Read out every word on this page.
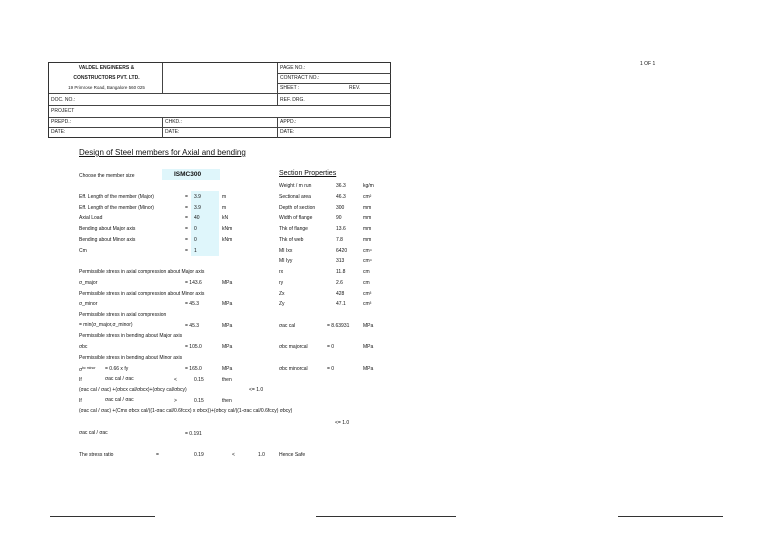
1 OF 1
VALDEL ENGINEERS &
CONSTRUCTORS PVT. LTD.
19 Primrose Road, Bangalore 560 025
PAGE NO.:
CONTRACT NO.:
SHEET :	REV.
DOC. NO.:	REF. DRG.
PROJECT
PREPD.:	CHKD.:	APPD.:
DATE:	DATE:	DATE:
Design of Steel members for Axial and bending
Choose the member size	ISMC300	Section Properties
Eff. Length of the member (Major)	= 3.9	m
Eff. Length of the member (Minor)	= 3.9	m
Axial Load	= 40	kN
Bending about Major axis	= 0	kNm
Bending about Minor axis	= 0	kNm
Cm	= 1
Weight / m run	36.3	kg/m
Sectional area	46.3	cm²
Depth of section	300	mm
Width of flange	90	mm
Thk of flange	13.6	mm
Thk of web	7.8	mm
MI Ixx	6420	cm⁴
MI Iyy	313	cm⁴
rx	11.8	cm
ry	2.6	cm
Zx	428	cm³
Zy	47.1	cm³
Permissible stress in axial compression about Major axis
σ_major	= 143.6	MPa
Permissible stress in axial compression about Minor axis
σ_minor	= 45.3	MPa
Permissible stress in axial compression
= min(σ_major,σ_minor)	= 45.3	MPa	σac cal	= 8.63931	MPa
Permissible stress in bending about Major axis
σbc	= 105.0	MPa	σbc majorcal	= 0	MPa
Permissible stress in bending about Minor axis
$\sigma^{bc minor} = 0.66$ x fy	= 165.0	MPa	σbc minorcal	= 0	MPa
If	σac cal / σac	<	0.15	then
(σac cal / σac) +(σbcx cal/σbcx)+(σbcy cal/σbcy)	<= 1.0
If	σac cal / σac	>	0.15	then
(σac cal / σac) +(Cmx σbcx cal/((1-σac cal/0.6fccx) x σbcx))+(σbcy cal/((1-σac cal/0.6fccy) σbcy)
<= 1.0
σac cal / σac	= 0.191
The stress ratio	=	0.19	<	1.0	Hence Safe
